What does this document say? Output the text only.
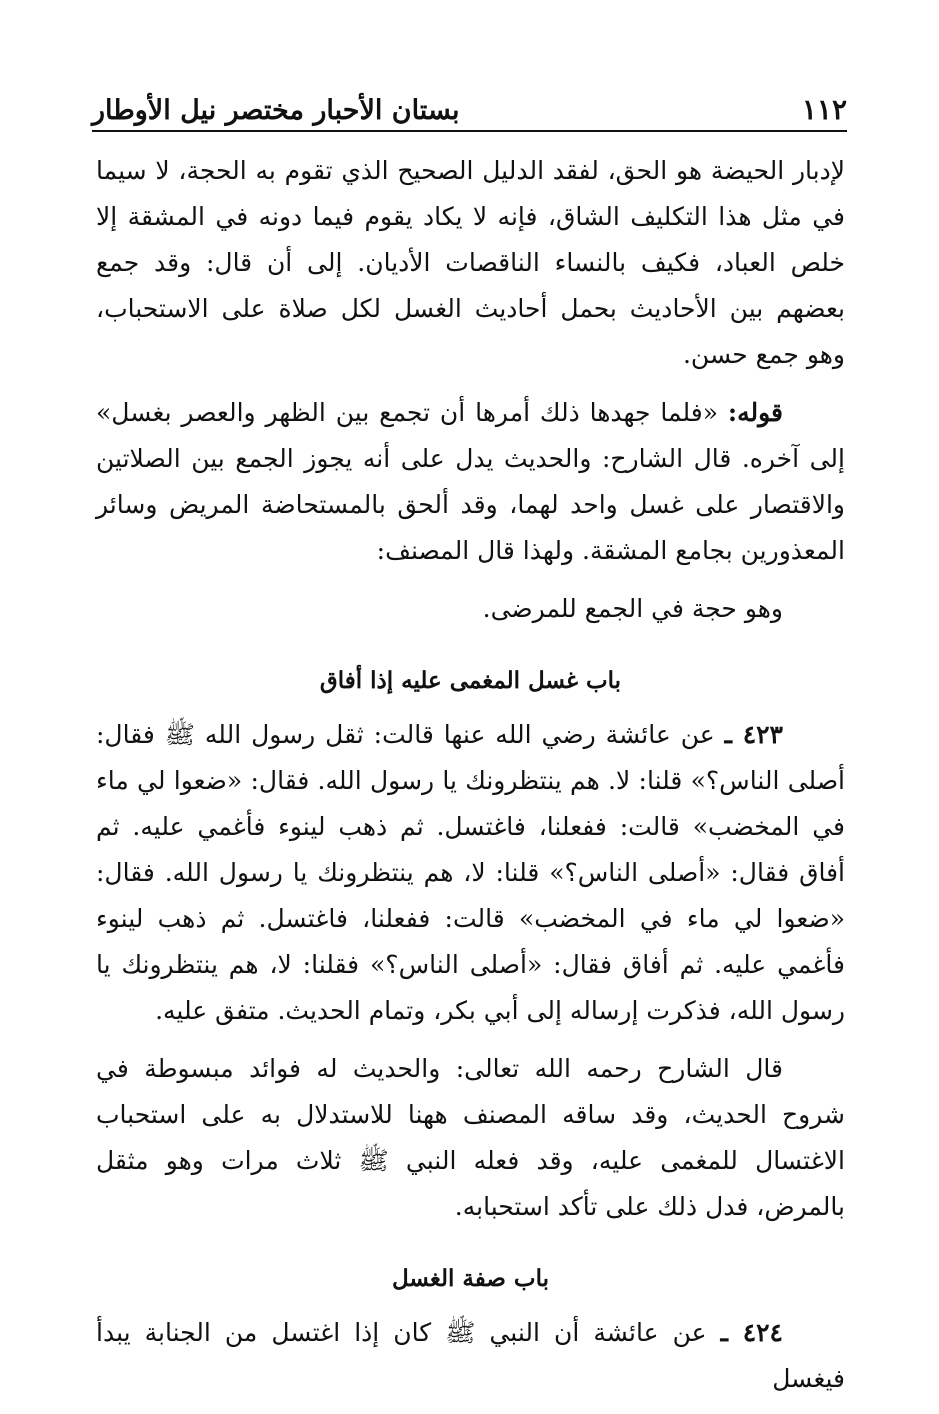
١١٢
بستان الأحبار مختصر نيل الأوطار

لإدبار الحيضة هو الحق، لفقد الدليل الصحيح الذي تقوم به الحجة، لا سيما في مثل هذا التكليف الشاق، فإنه لا يكاد يقوم فيما دونه في المشقة إلا خلص العباد، فكيف بالنساء الناقصات الأديان. إلى أن قال: وقد جمع بعضهم بين الأحاديث بحمل أحاديث الغسل لكل صلاة على الاستحباب، وهو جمع حسن.

قوله: «فلما جهدها ذلك أمرها أن تجمع بين الظهر والعصر بغسل» إلى آخره. قال الشارح: والحديث يدل على أنه يجوز الجمع بين الصلاتين والاقتصار على غسل واحد لهما، وقد ألحق بالمستحاضة المريض وسائر المعذورين بجامع المشقة. ولهذا قال المصنف:

وهو حجة في الجمع للمرضى.

باب غسل المغمى عليه إذا أفاق

٤٢٣ ـ عن عائشة رضي الله عنها قالت: ثقل رسول الله ﷺ فقال: أصلى الناس؟» قلنا: لا. هم ينتظرونك يا رسول الله. فقال: «ضعوا لي ماء في المخضب» قالت: ففعلنا، فاغتسل. ثم ذهب لينوء فأغمي عليه. ثم أفاق فقال: «أصلى الناس؟» قلنا: لا، هم ينتظرونك يا رسول الله. فقال: «ضعوا لي ماء في المخضب» قالت: ففعلنا، فاغتسل. ثم ذهب لينوء فأغمي عليه. ثم أفاق فقال: «أصلى الناس؟» فقلنا: لا، هم ينتظرونك يا رسول الله، فذكرت إرساله إلى أبي بكر، وتمام الحديث. متفق عليه.

قال الشارح رحمه الله تعالى: والحديث له فوائد مبسوطة في شروح الحديث، وقد ساقه المصنف ههنا للاستدلال به على استحباب الاغتسال للمغمى عليه، وقد فعله النبي ﷺ ثلاث مرات وهو مثقل بالمرض، فدل ذلك على تأكد استحبابه.

باب صفة الغسل

٤٢٤ ـ عن عائشة أن النبي ﷺ كان إذا اغتسل من الجنابة يبدأ فيغسل
